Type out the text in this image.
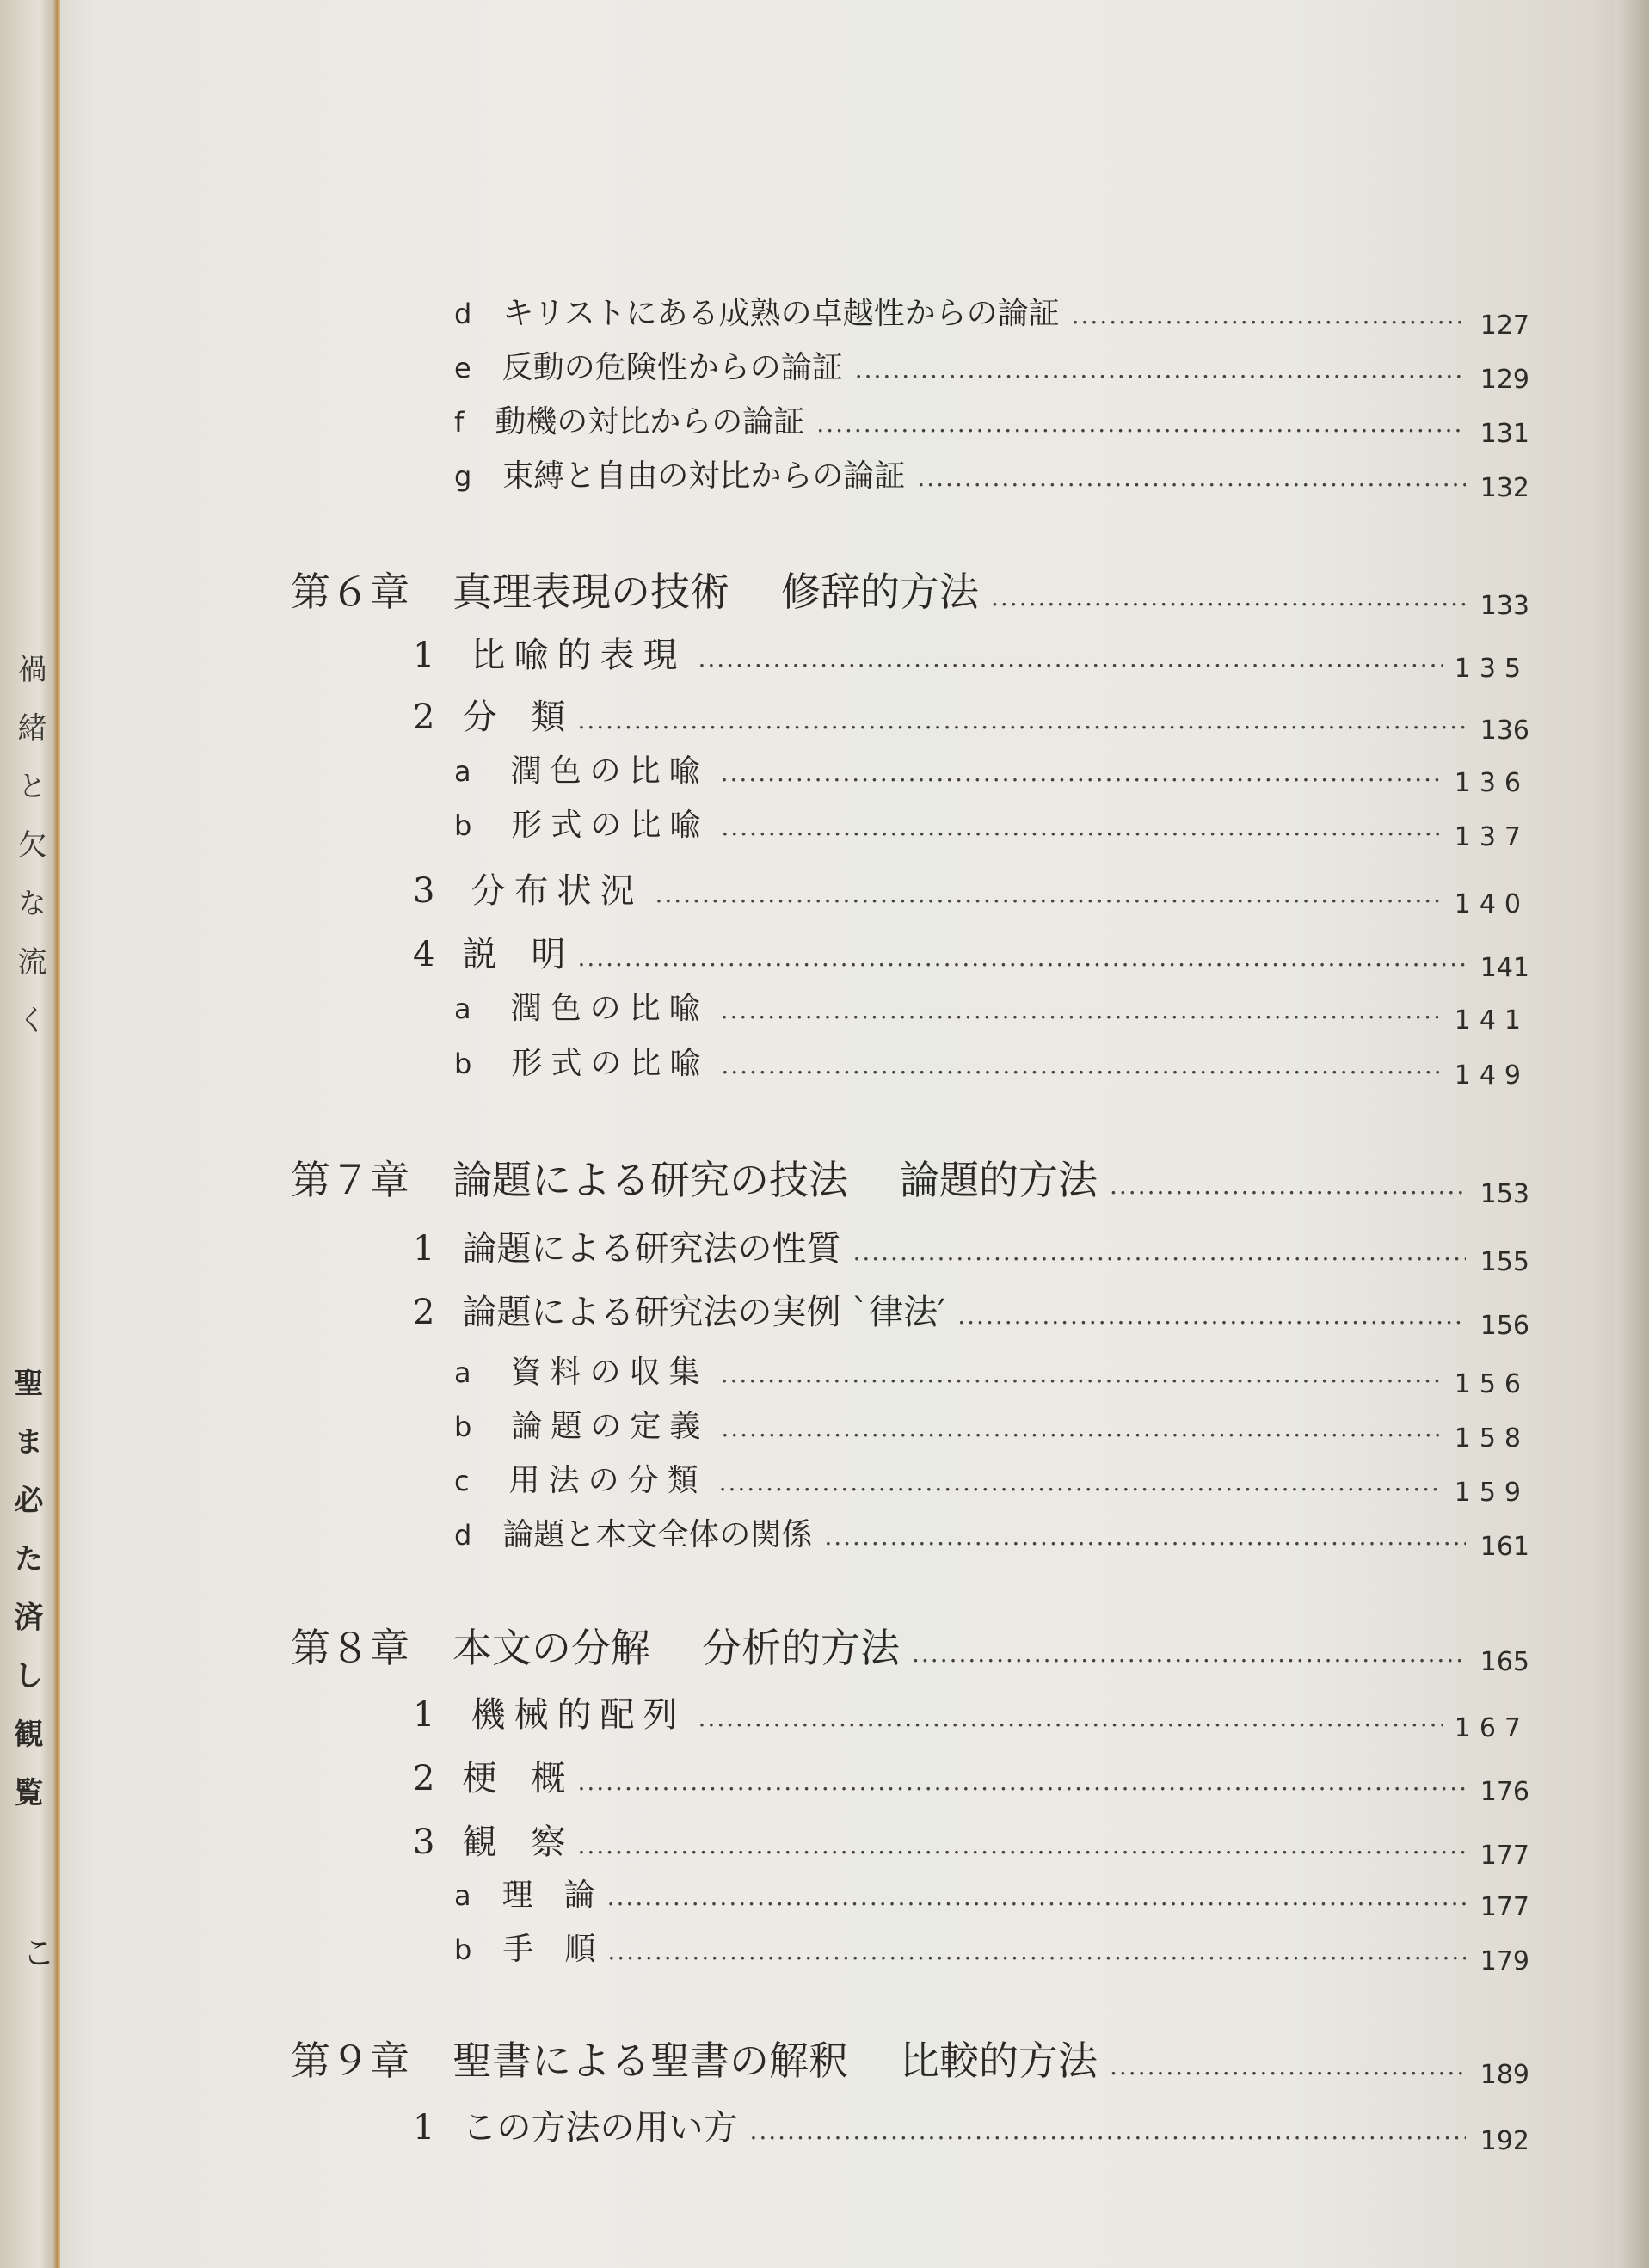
禍　緒　と　欠　な　流　く
聖　ま　必　た　済　し　観　覧
こ
d キリストにある成熟の卓越性からの論証 .....	127
e 反動の危険性からの論証 .....	129
f 動機の対比からの論証 .....	131
g 束縛と自由の対比からの論証 .....	132
第６章 真理表現の技術 修辞的方法 .....	133
1 比喩的表現 .....	135
2 分　類 .....	136
a 潤色の比喩 .....	136
b 形式の比喩 .....	137
3 分布状況 .....	140
4 説　明 .....	141
a 潤色の比喩 .....	141
b 形式の比喩 .....	149
第７章 論題による研究の技法 論題的方法 .....	153
1 論題による研究法の性質 .....	155
2 論題による研究法の実例 `律法′ .....	156
a 資料の収集 .....	156
b 論題の定義 .....	158
c 用法の分類 .....	159
d 論題と本文全体の関係 .....	161
第８章 本文の分解 分析的方法 .....	165
1 機械的配列 .....	167
2 梗　概 .....	176
3 観　察 .....	177
a 理　論 .....	177
b 手　順 .....	179
第９章 聖書による聖書の解釈 比較的方法 .....	189
1 この方法の用い方 .....	192
